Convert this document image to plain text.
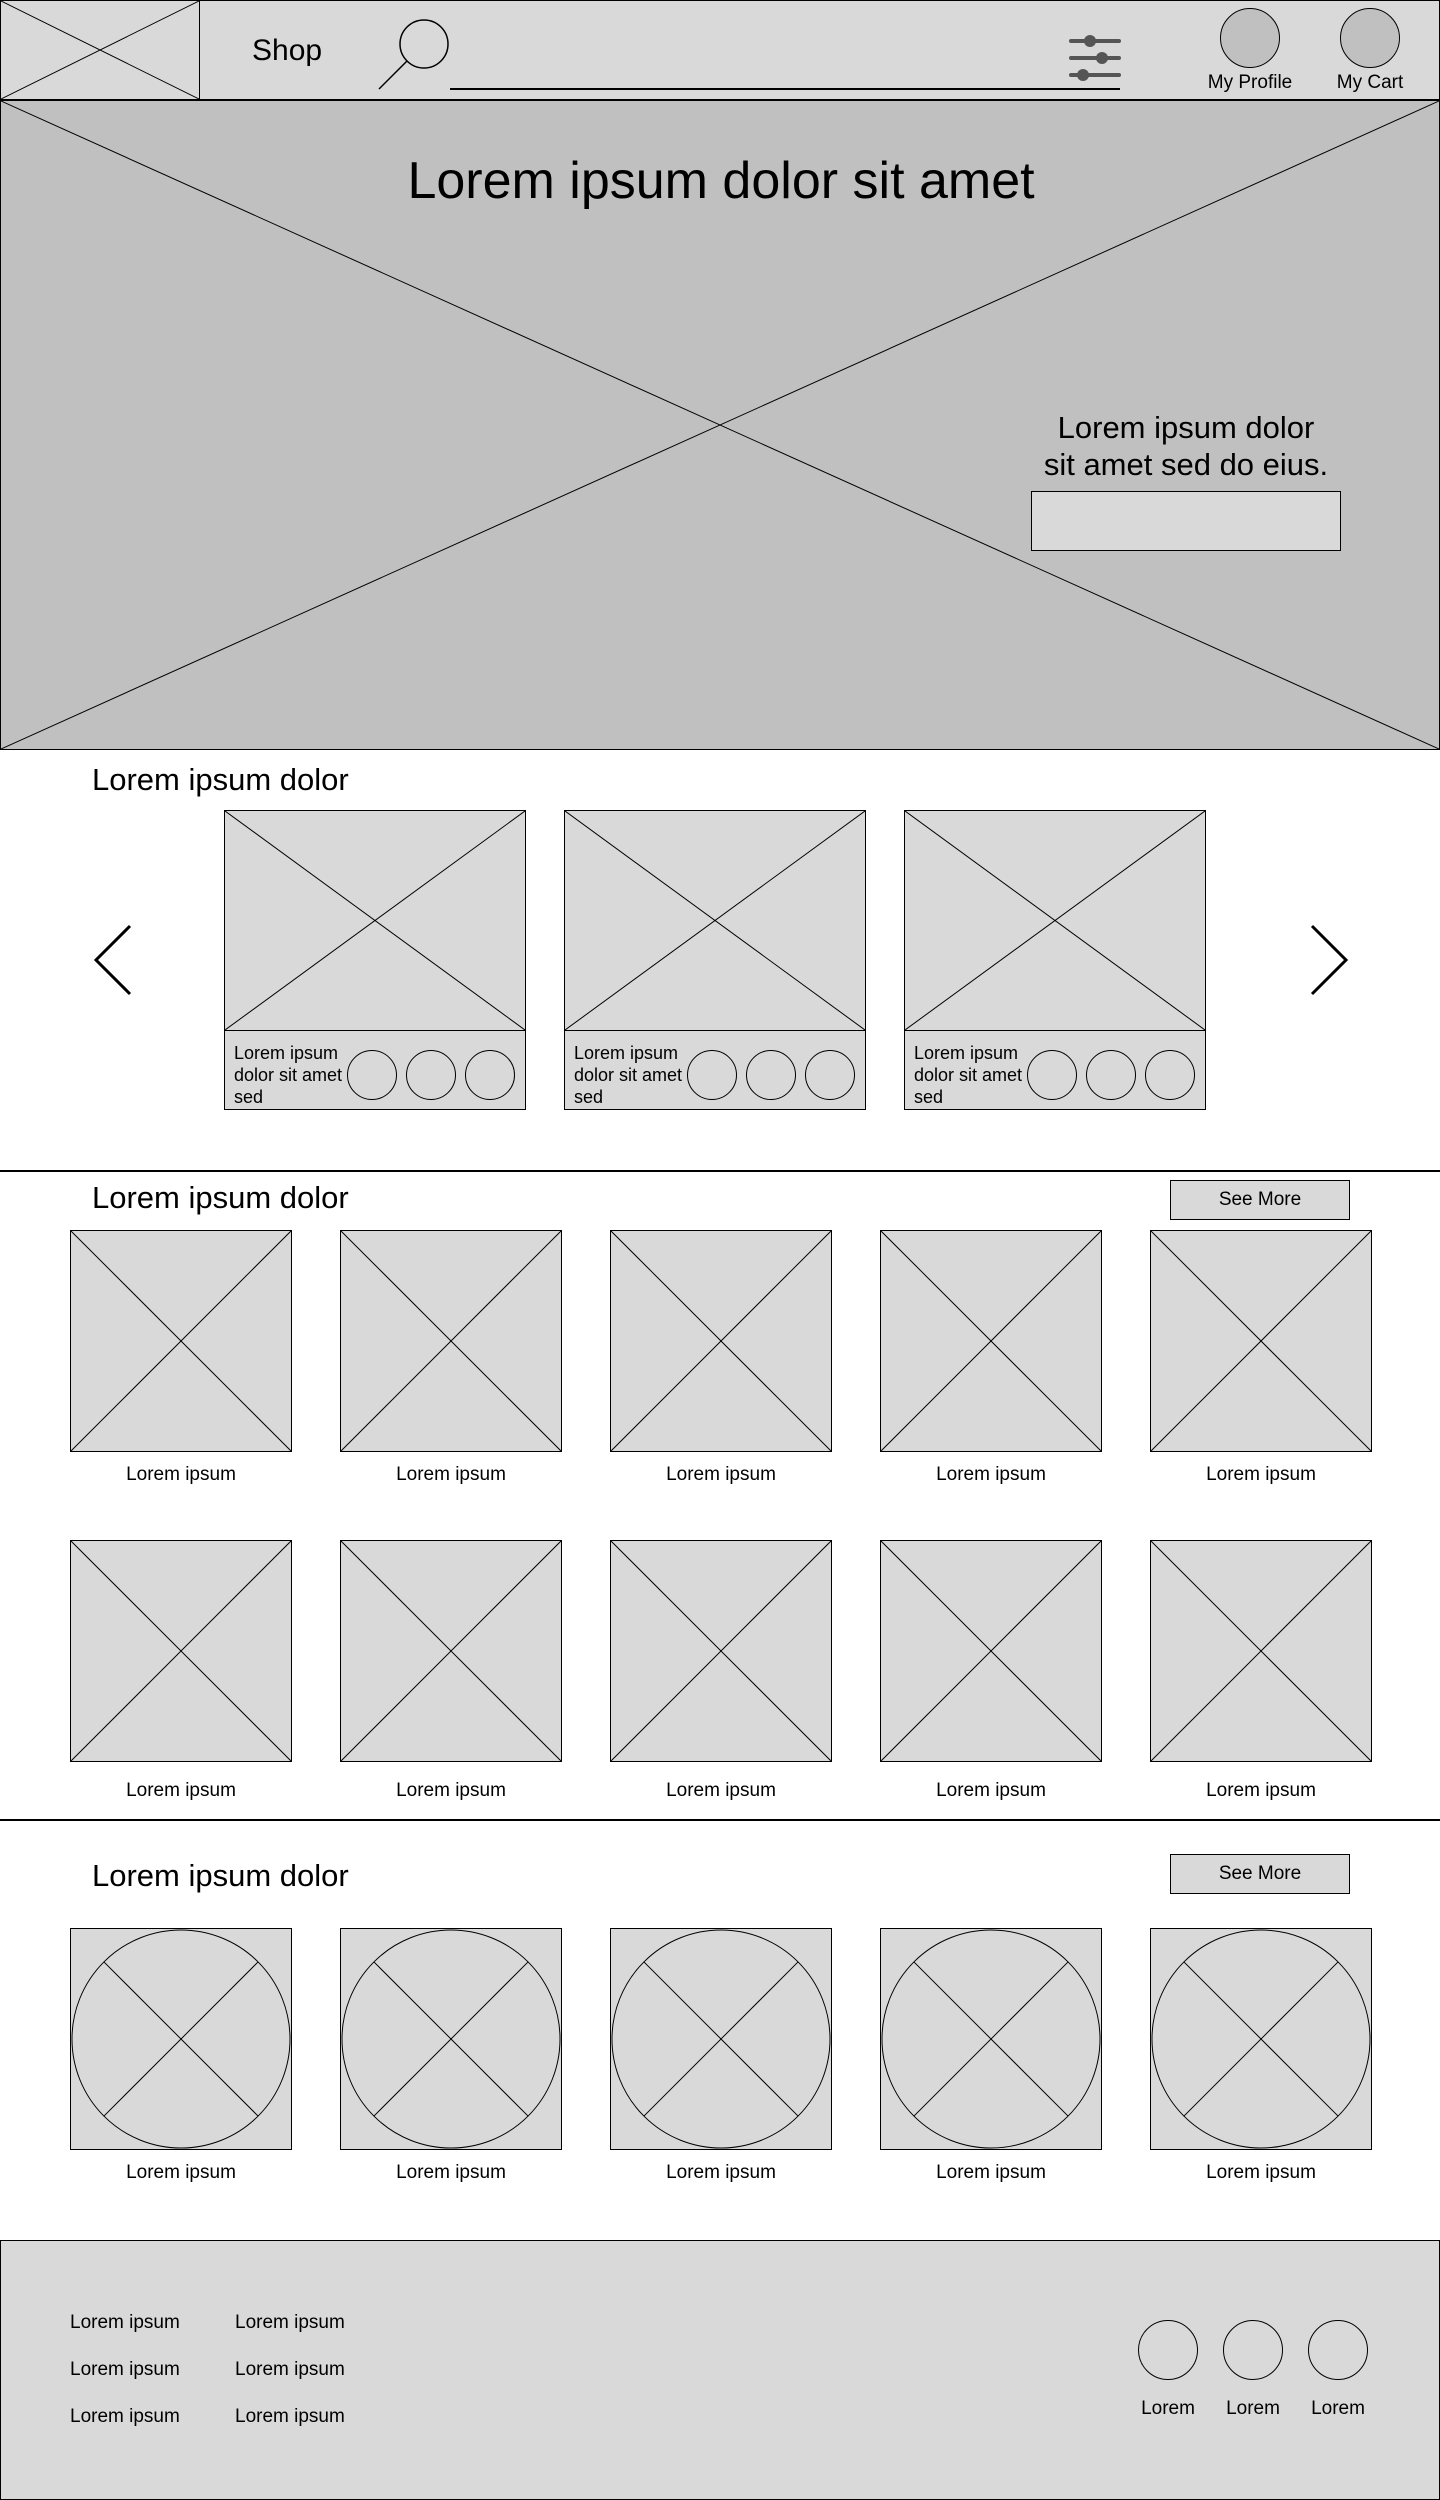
Shop
My Profile	My Cart
Lorem ipsum dolor sit amet
Lorem ipsum dolor
sit amet sed do eius.
Lorem ipsum dolor
Lorem ipsum dolor sit amet sed
Lorem ipsum dolor sit amet sed
Lorem ipsum dolor sit amet sed
Lorem ipsum dolor	See More
Lorem ipsum	Lorem ipsum	Lorem ipsum	Lorem ipsum	Lorem ipsum
Lorem ipsum	Lorem ipsum	Lorem ipsum	Lorem ipsum	Lorem ipsum
Lorem ipsum dolor	See More
Lorem ipsum	Lorem ipsum	Lorem ipsum	Lorem ipsum	Lorem ipsum
Lorem ipsum
Lorem ipsum
Lorem ipsum
Lorem ipsum
Lorem ipsum
Lorem ipsum	Lorem	Lorem	Lorem
